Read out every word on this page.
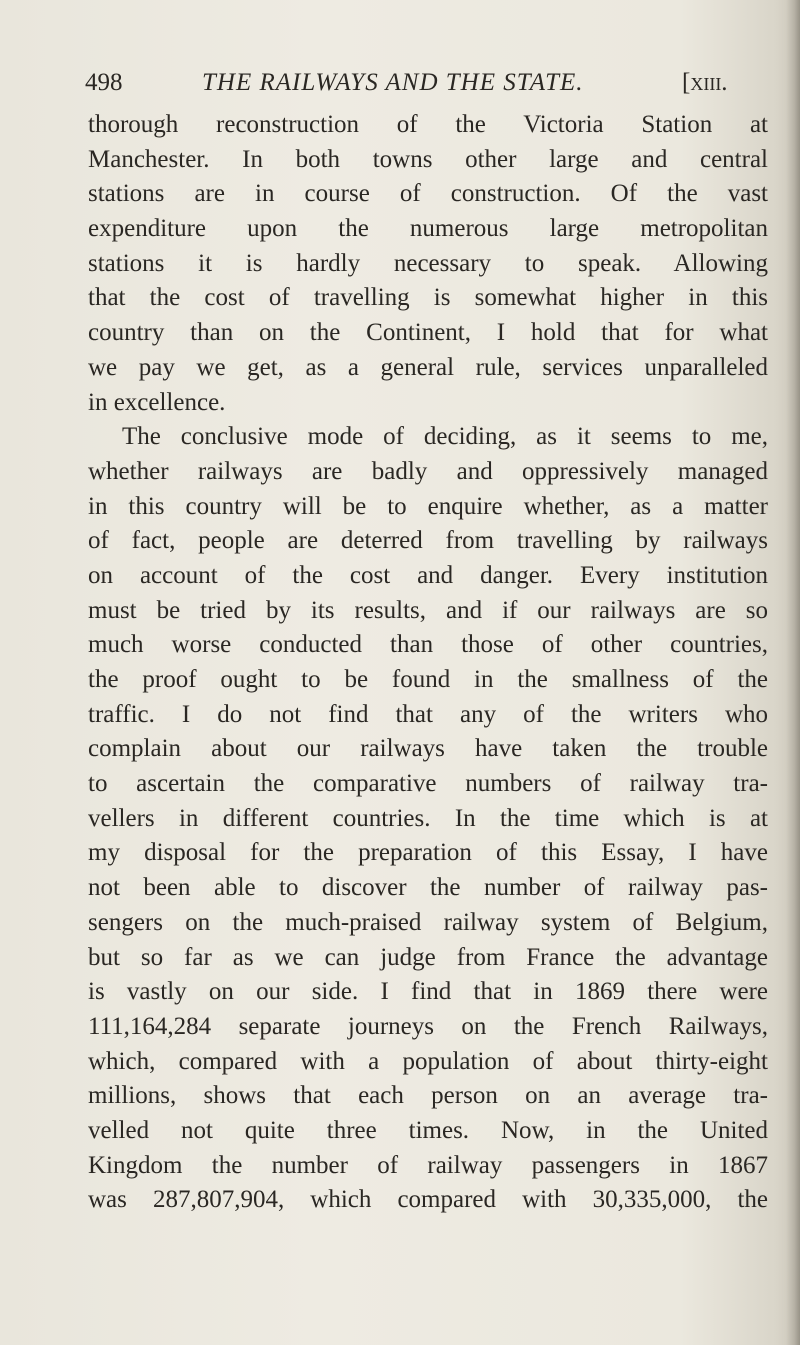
498	THE RAILWAYS AND THE STATE.	[xiii.
thorough reconstruction of the Victoria Station at
Manchester. In both towns other large and central
stations are in course of construction. Of the vast
expenditure upon the numerous large metropolitan
stations it is hardly necessary to speak. Allowing
that the cost of travelling is somewhat higher in this
country than on the Continent, I hold that for what
we pay we get, as a general rule, services unparalleled
in excellence.
The conclusive mode of deciding, as it seems to me,
whether railways are badly and oppressively managed
in this country will be to enquire whether, as a matter
of fact, people are deterred from travelling by railways
on account of the cost and danger. Every institution
must be tried by its results, and if our railways are so
much worse conducted than those of other countries,
the proof ought to be found in the smallness of the
traffic. I do not find that any of the writers who
complain about our railways have taken the trouble
to ascertain the comparative numbers of railway tra-
vellers in different countries. In the time which is at
my disposal for the preparation of this Essay, I have
not been able to discover the number of railway pas-
sengers on the much-praised railway system of Belgium,
but so far as we can judge from France the advantage
is vastly on our side. I find that in 1869 there were
111,164,284 separate journeys on the French Railways,
which, compared with a population of about thirty-eight
millions, shows that each person on an average tra-
velled not quite three times. Now, in the United
Kingdom the number of railway passengers in 1867
was 287,807,904, which compared with 30,335,000, the
